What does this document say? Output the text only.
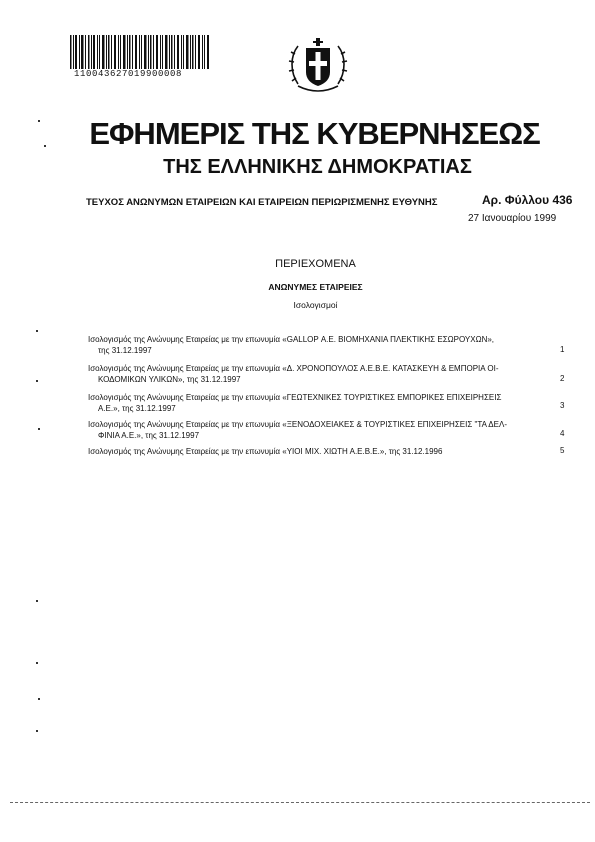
110043627019900008
ΕΦΗΜΕΡΙΣ ΤΗΣ ΚΥΒΕΡΝΗΣΕΩΣ
ΤΗΣ ΕΛΛΗΝΙΚΗΣ ΔΗΜΟΚΡΑΤΙΑΣ
ΤΕΥΧΟΣ ΑΝΩΝΥΜΩΝ ΕΤΑΙΡΕΙΩΝ ΚΑΙ ΕΤΑΙΡΕΙΩΝ ΠΕΡΙΩΡΙΣΜΕΝΗΣ ΕΥΘΥΝΗΣ	Αρ. Φύλλου 436
27 Ιανουαρίου 1999
ΠΕΡΙΕΧΟΜΕΝΑ
ΑΝΩΝΥΜΕΣ ΕΤΑΙΡΕΙΕΣ
Ισολογισμοί
Ισολογισμός της Ανώνυμης Εταιρείας με την επωνυμία «GALLOP Α.Ε. ΒΙΟΜΗΧΑΝΙΑ ΠΛΕΚΤΙΚΗΣ ΕΣΩΡΟΥΧΩΝ»,
της 31.12.1997	1
Ισολογισμός της Ανώνυμης Εταιρείας με την επωνυμία «Δ. ΧΡΟΝΟΠΟΥΛΟΣ Α.Ε.Β.Ε. ΚΑΤΑΣΚΕΥΗ & ΕΜΠΟΡΙΑ ΟΙ-
ΚΟΔΟΜΙΚΩΝ ΥΛΙΚΩΝ», της 31.12.1997	2
Ισολογισμός της Ανώνυμης Εταιρείας με την επωνυμία «ΓΕΩΤΕΧΝΙΚΕΣ ΤΟΥΡΙΣΤΙΚΕΣ ΕΜΠΟΡΙΚΕΣ ΕΠΙΧΕΙΡΗΣΕΙΣ
Α.Ε.», της 31.12.1997	3
Ισολογισμός της Ανώνυμης Εταιρείας με την επωνυμία «ΞΕΝΟΔΟΧΕΙΑΚΕΣ & ΤΟΥΡΙΣΤΙΚΕΣ ΕΠΙΧΕΙΡΗΣΕΙΣ "ΤΑ ΔΕΛ-
ΦΙΝΙΑ Α.Ε.», της 31.12.1997	4
Ισολογισμός της Ανώνυμης Εταιρείας με την επωνυμία «ΥΙΟΙ ΜΙΧ. ΧΙΩΤΗ Α.Ε.Β.Ε.», της 31.12.1996	5
